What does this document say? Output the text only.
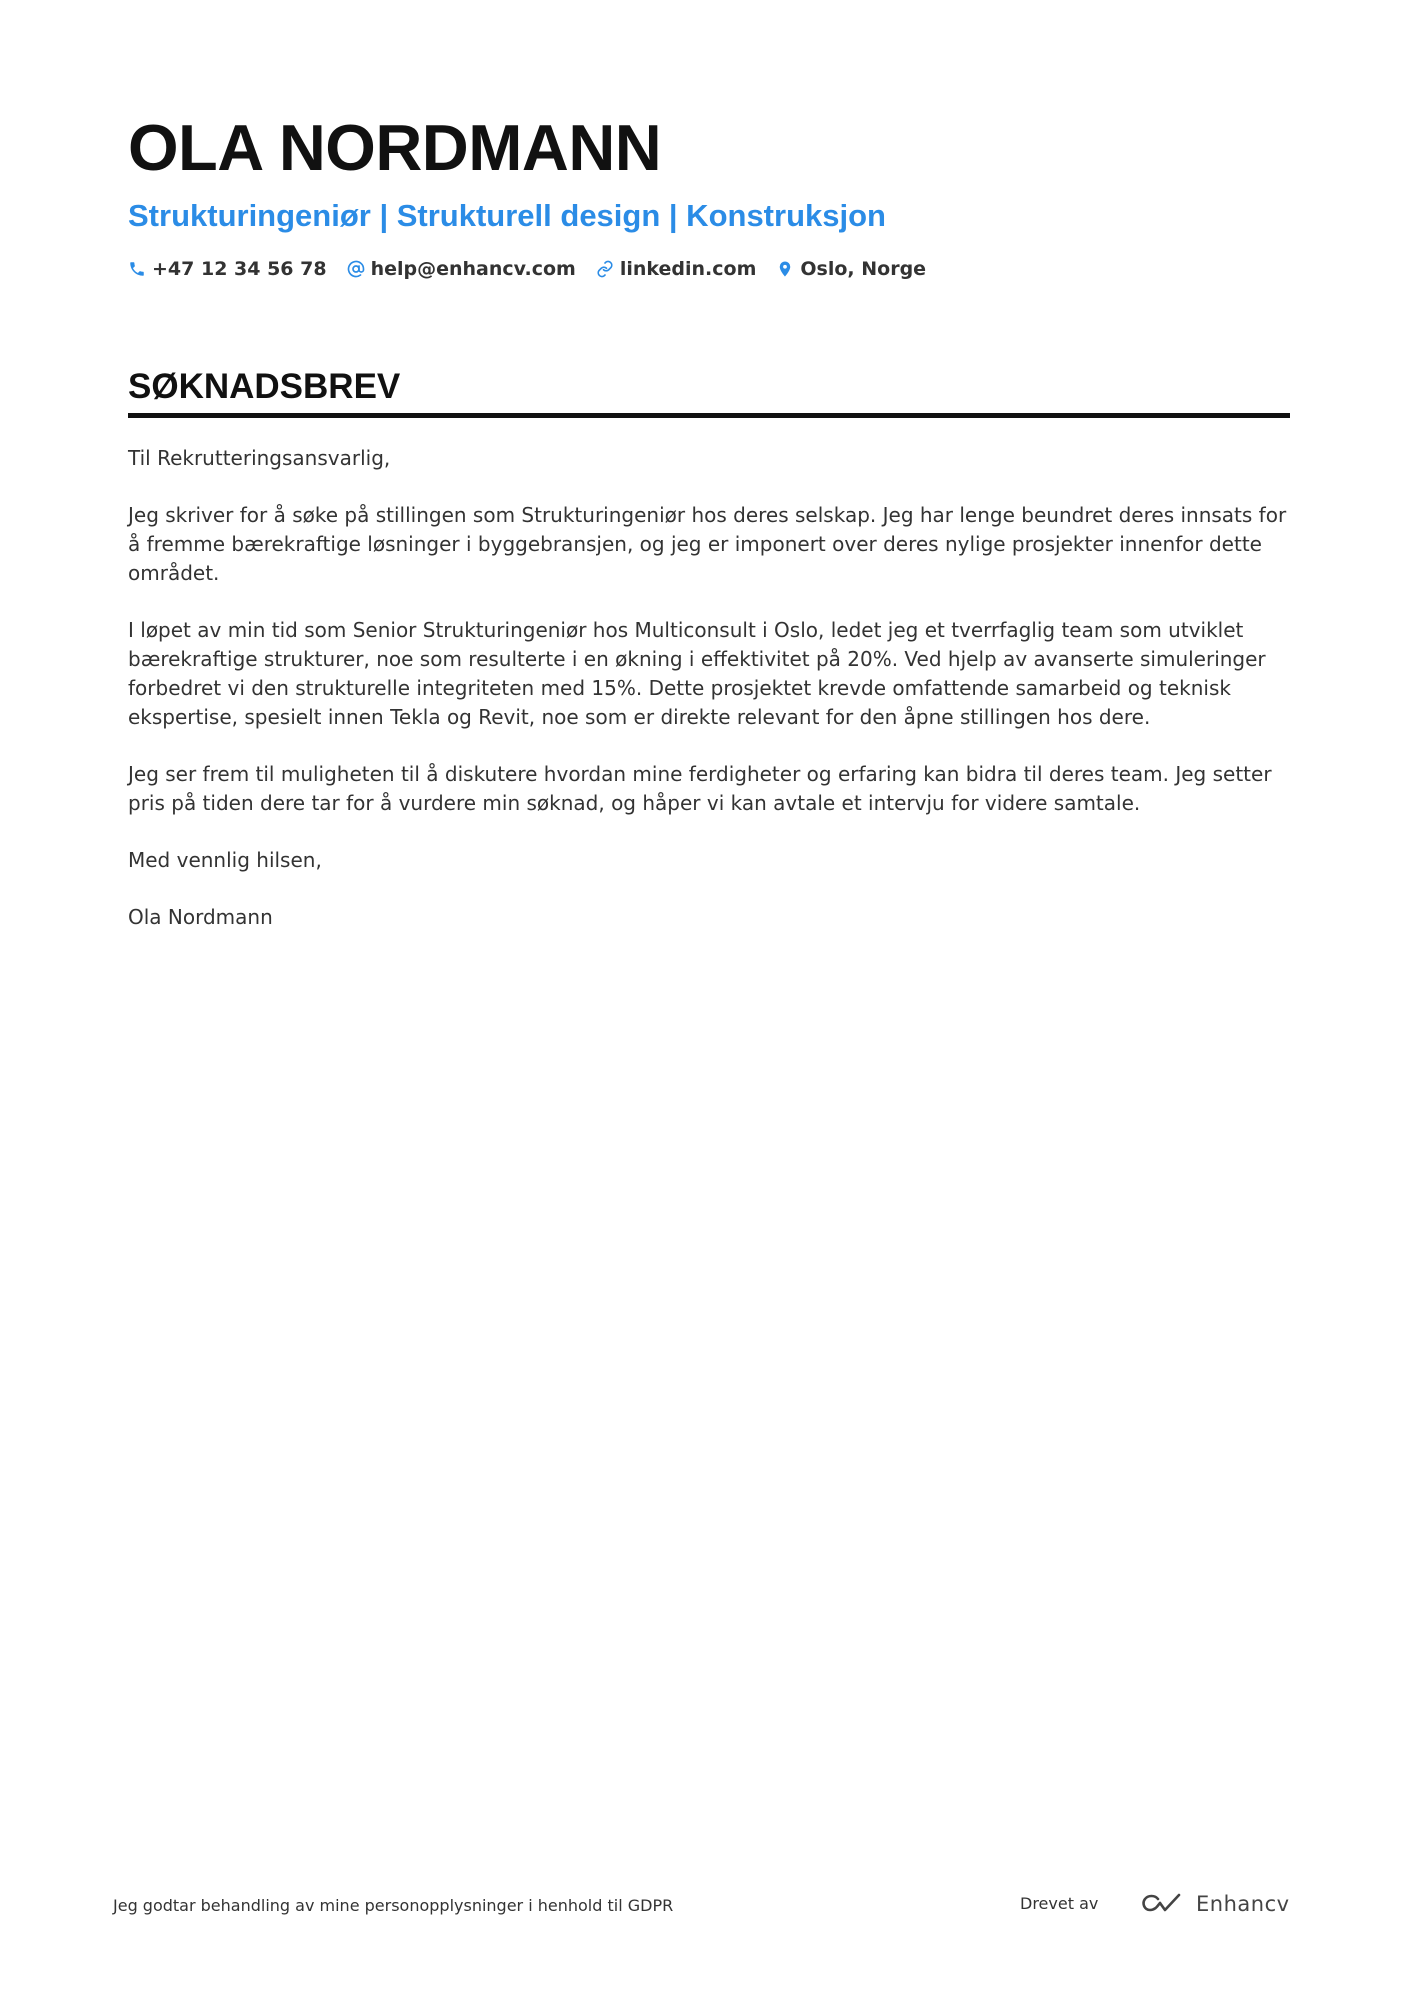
OLA NORDMANN
Strukturingeniør | Strukturell design | Konstruksjon
+47 12 34 56 78 help@enhancv.com linkedin.com Oslo, Norge
SØKNADSBREV

Til Rekrutteringsansvarlig,

Jeg skriver for å søke på stillingen som Strukturingeniør hos deres selskap. Jeg har lenge beundret deres innsats for å fremme bærekraftige løsninger i byggebransjen, og jeg er imponert over deres nylige prosjekter innenfor dette området.

I løpet av min tid som Senior Strukturingeniør hos Multiconsult i Oslo, ledet jeg et tverrfaglig team som utviklet bærekraftige strukturer, noe som resulterte i en økning i effektivitet på 20%. Ved hjelp av avanserte simuleringer forbedret vi den strukturelle integriteten med 15%. Dette prosjektet krevde omfattende samarbeid og teknisk ekspertise, spesielt innen Tekla og Revit, noe som er direkte relevant for den åpne stillingen hos dere.

Jeg ser frem til muligheten til å diskutere hvordan mine ferdigheter og erfaring kan bidra til deres team. Jeg setter pris på tiden dere tar for å vurdere min søknad, og håper vi kan avtale et intervju for videre samtale.

Med vennlig hilsen,

Ola Nordmann

Jeg godtar behandling av mine personopplysninger i henhold til GDPR	Drevet av	Enhancv
